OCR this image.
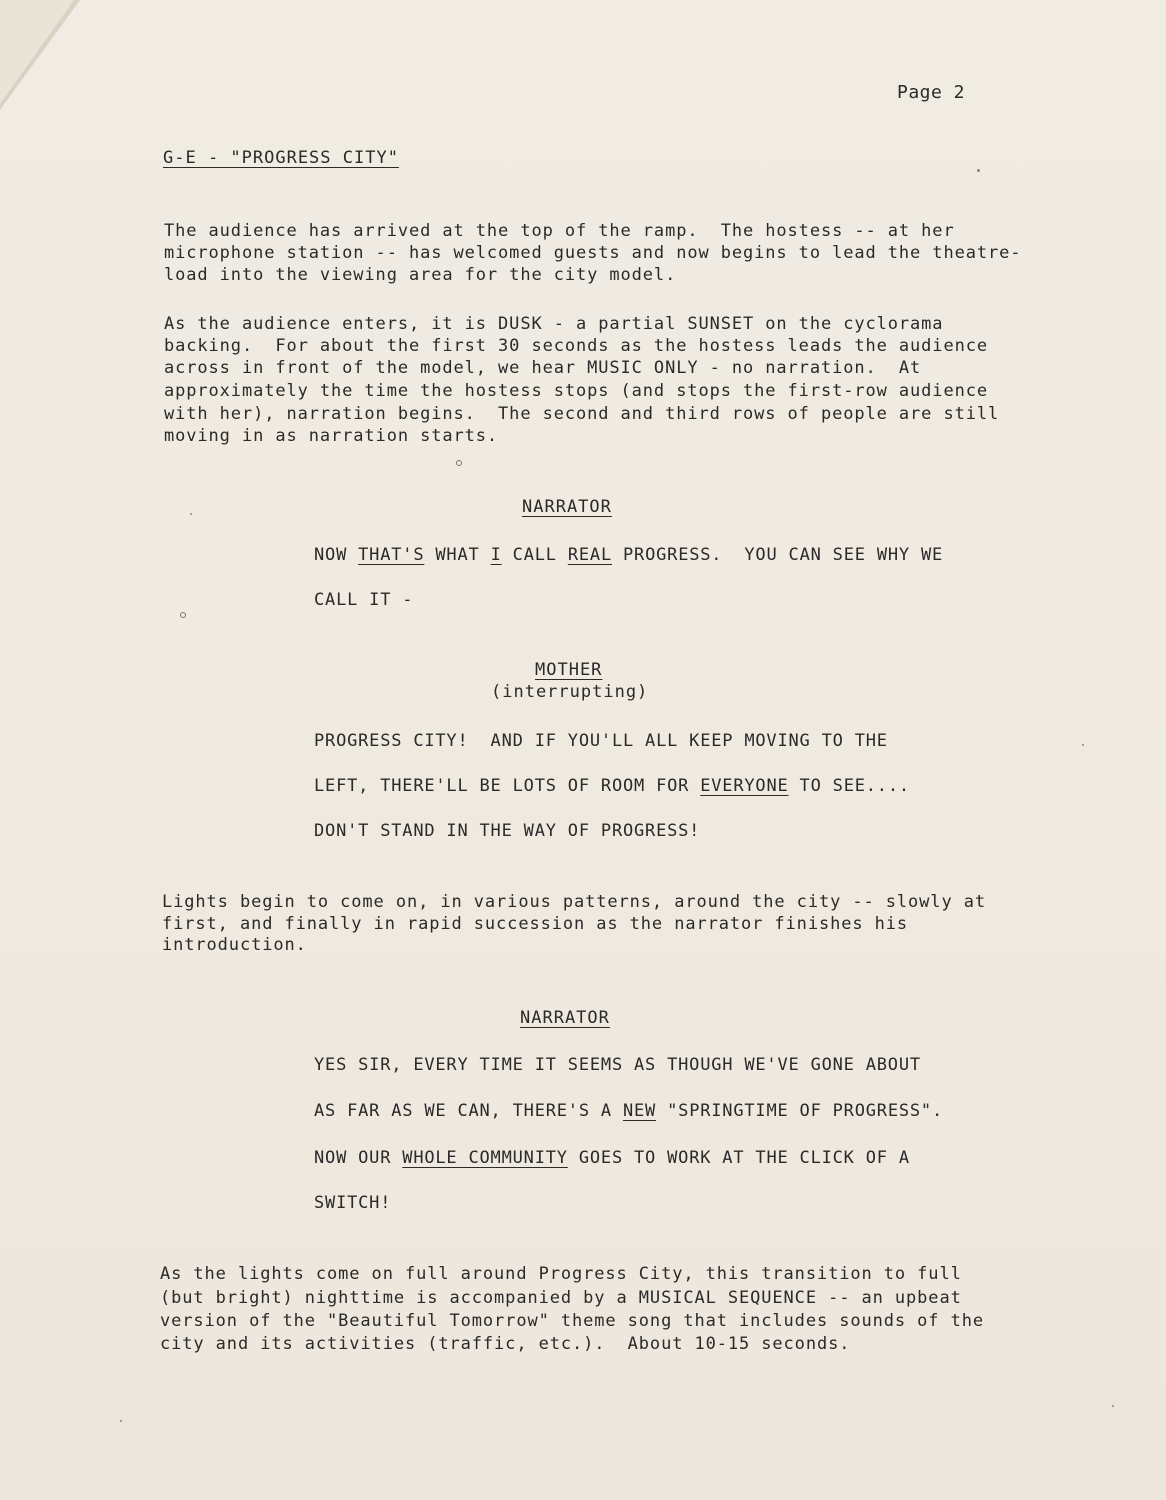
Page 2
G-E - "PROGRESS CITY"
The audience has arrived at the top of the ramp.  The hostess -- at her
microphone station -- has welcomed guests and now begins to lead the theatre-
load into the viewing area for the city model.
As the audience enters, it is DUSK - a partial SUNSET on the cyclorama
backing.  For about the first 30 seconds as the hostess leads the audience
across in front of the model, we hear MUSIC ONLY - no narration.  At
approximately the time the hostess stops (and stops the first-row audience
with her), narration begins.  The second and third rows of people are still
moving in as narration starts.
NARRATOR
NOW THAT'S WHAT I CALL REAL PROGRESS.  YOU CAN SEE WHY WE
CALL IT -
MOTHER
(interrupting)
PROGRESS CITY!  AND IF YOU'LL ALL KEEP MOVING TO THE
LEFT, THERE'LL BE LOTS OF ROOM FOR EVERYONE TO SEE....
DON'T STAND IN THE WAY OF PROGRESS!
Lights begin to come on, in various patterns, around the city -- slowly at
first, and finally in rapid succession as the narrator finishes his
introduction.
NARRATOR
YES SIR, EVERY TIME IT SEEMS AS THOUGH WE'VE GONE ABOUT
AS FAR AS WE CAN, THERE'S A NEW "SPRINGTIME OF PROGRESS".
NOW OUR WHOLE COMMUNITY GOES TO WORK AT THE CLICK OF A
SWITCH!
As the lights come on full around Progress City, this transition to full
(but bright) nighttime is accompanied by a MUSICAL SEQUENCE -- an upbeat
version of the "Beautiful Tomorrow" theme song that includes sounds of the
city and its activities (traffic, etc.).  About 10-15 seconds.
